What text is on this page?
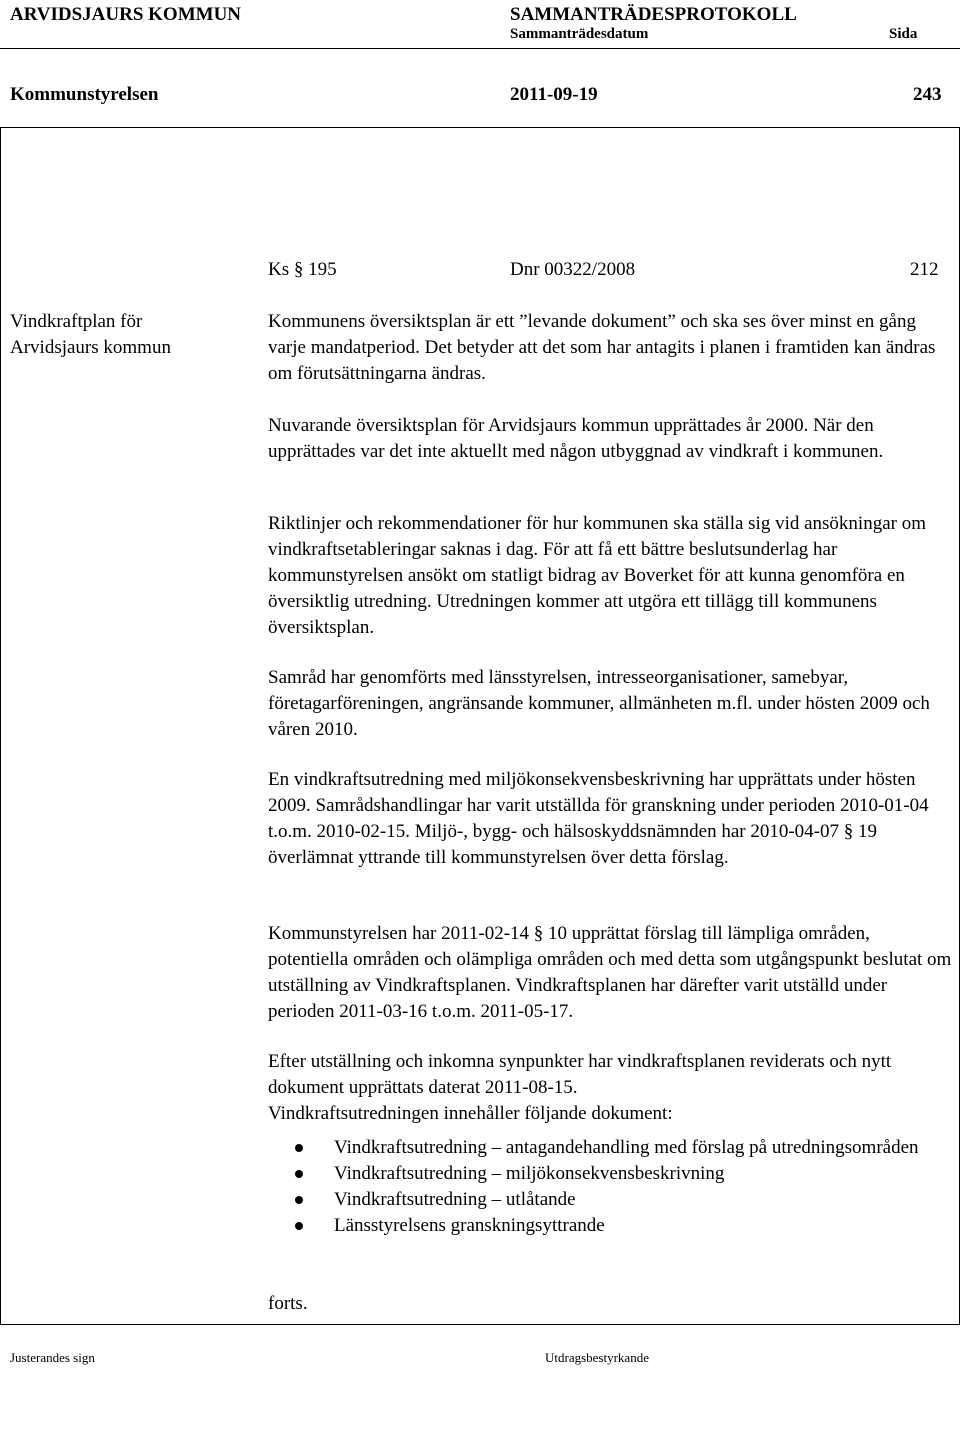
ARVIDSJAURS KOMMUN	SAMMANTRÄDESPROTOKOLL
Sammanträdesdatum	Sida
Kommunstyrelsen	2011-09-19	243
Ks § 195	Dnr 00322/2008	212
Vindkraftplan för
Arvidsjaurs kommun
Kommunens översiktsplan är ett ”levande dokument” och ska ses över minst en gång varje mandatperiod. Det betyder att det som har antagits i planen i framtiden kan ändras om förutsättningarna ändras.
Nuvarande översiktsplan för Arvidsjaurs kommun upprättades år 2000. När den upprättades var det inte aktuellt med någon utbyggnad av vindkraft i kommunen.
Riktlinjer och rekommendationer för hur kommunen ska ställa sig vid ansökningar om vindkraftsetableringar saknas i dag. För att få ett bättre beslutsunderlag har kommunstyrelsen ansökt om statligt bidrag av Boverket för att kunna genomföra en översiktlig utredning. Utredningen kommer att utgöra ett tillägg till kommunens översiktsplan.
Samråd har genomförts med länsstyrelsen, intresseorganisationer, samebyar, företagarföreningen, angränsande kommuner, allmänheten m.fl. under hösten 2009 och våren 2010.
En vindkraftsutredning med miljökonsekvensbeskrivning har upprättats under hösten 2009. Samrådshandlingar har varit utställda för granskning under perioden 2010-01-04 t.o.m. 2010-02-15. Miljö-, bygg- och hälsoskyddsnämnden har 2010-04-07 § 19 överlämnat yttrande till kommunstyrelsen över detta förslag.
Kommunstyrelsen har 2011-02-14 § 10 upprättat förslag till lämpliga områden, potentiella områden och olämpliga områden och med detta som utgångspunkt beslutat om utställning av Vindkraftsplanen. Vindkraftsplanen har därefter varit utställd under perioden 2011-03-16 t.o.m. 2011-05-17.

Efter utställning och inkomna synpunkter har vindkraftsplanen reviderats och nytt dokument upprättats daterat 2011-08-15.

Vindkraftsutredningen innehåller följande dokument:

Vindkraftsutredning – antagandehandling med förslag på utredningsområden
Vindkraftsutredning – miljökonsekvensbeskrivning
Vindkraftsutredning – utlåtande
Länsstyrelsens granskningsyttrande
forts.
Justerandes sign	Utdragsbestyrkande
